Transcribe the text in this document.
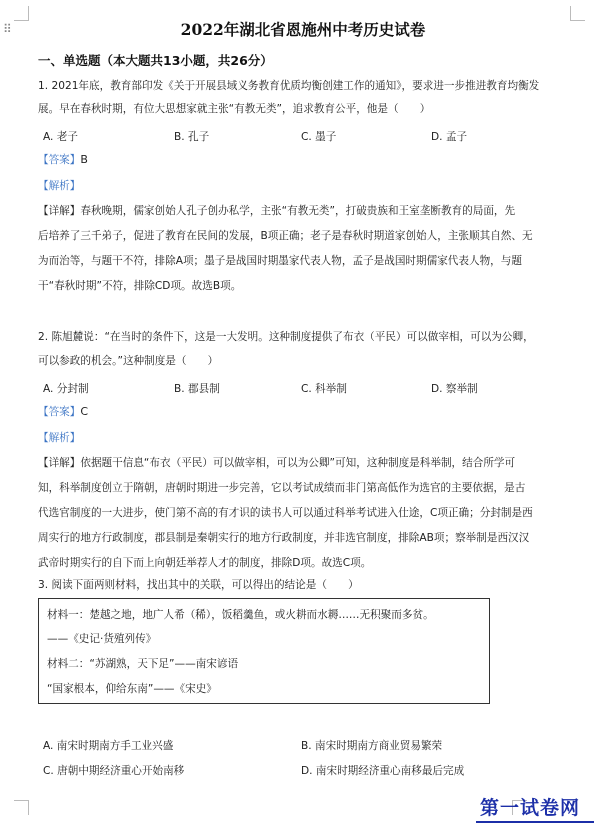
⠿	2022年湖北省恩施州中考历史试卷
一、单选题（本大题共13小题，共26分）
1. 2021年底，教育部印发《关于开展县域义务教育优质均衡创建工作的通知》，要求进一步推进教育均衡发
展。早在春秋时期，有位大思想家就主张“有教无类”，追求教育公平，他是（　　）
A. 老子	B. 孔子	C. 墨子	D. 孟子
【答案】B
【解析】
【详解】春秋晚期，儒家创始人孔子创办私学，主张“有教无类”，打破贵族和王室垄断教育的局面，先
后培养了三千弟子，促进了教育在民间的发展，B项正确；老子是春秋时期道家创始人，主张顺其自然、无
为而治等，与题干不符，排除A项；墨子是战国时期墨家代表人物，孟子是战国时期儒家代表人物，与题
干“春秋时期”不符，排除CD项。故选B项。
2. 陈旭麓说：“在当时的条件下，这是一大发明。这种制度提供了布衣（平民）可以做宰相，可以为公卿，
可以参政的机会。”这种制度是（　　）
A. 分封制	B. 郡县制	C. 科举制	D. 察举制
【答案】C
【解析】
【详解】依据题干信息“布衣（平民）可以做宰相，可以为公卿”可知，这种制度是科举制，结合所学可
知，科举制度创立于隋朝，唐朝时期进一步完善，它以考试成绩而非门第高低作为选官的主要依据，是古
代选官制度的一大进步，使门第不高的有才识的读书人可以通过科举考试进入仕途，C项正确；分封制是西
周实行的地方行政制度，郡县制是秦朝实行的地方行政制度，并非选官制度，排除AB项；察举制是西汉汉
武帝时期实行的自下而上向朝廷举荐人才的制度，排除D项。故选C项。
3. 阅读下面两则材料，找出其中的关联，可以得出的结论是（　　）
材料一：楚越之地，地广人希（稀），饭稻羹鱼，或火耕而水耨……无积聚而多贫。
——《史记·货殖列传》
材料二：“苏湖熟，天下足”——南宋谚语
“国家根本，仰给东南”——《宋史》
A. 南宋时期南方手工业兴盛	B. 南宋时期南方商业贸易繁荣
C. 唐朝中期经济重心开始南移	D. 南宋时期经济重心南移最后完成
第一试卷网
